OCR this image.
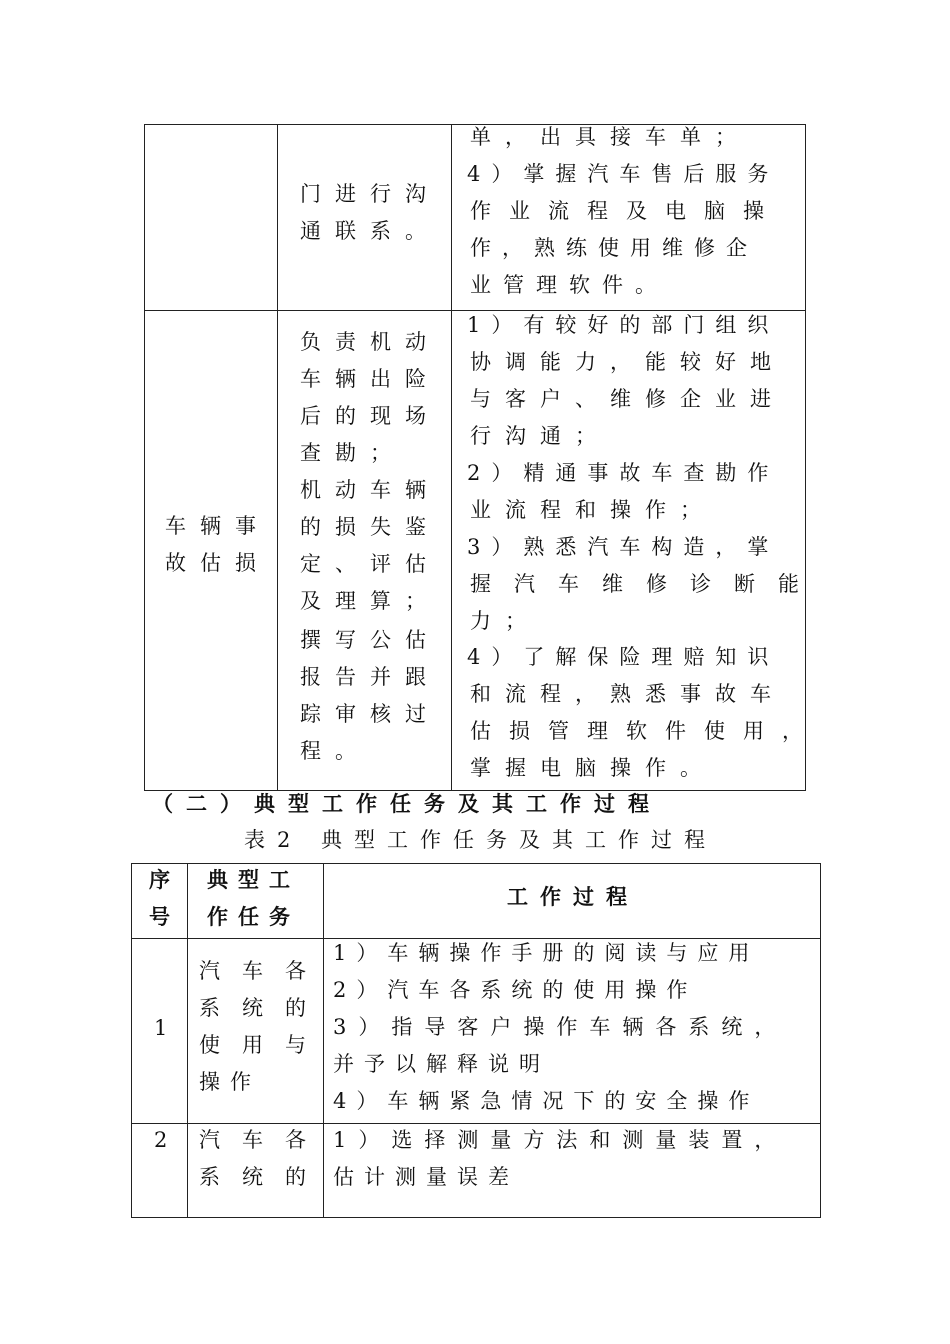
门进行沟
通联系。
单，出具接车单；
4）掌握汽车售后服务
作业流程及电脑操
作，熟练使用维修企
业管理软件。
车辆事
故估损
负责机动
车辆出险
后的现场
查勘；
机动车辆
的损失鉴
定、评估
及理算；
撰写公估
报告并跟
踪审核过
程。
1）有较好的部门组织
协调能力，能较好地
与客户、维修企业进
行沟通；
2）精通事故车查勘作
业流程和操作；
3）熟悉汽车构造，掌
握汽车维修诊断能
力；
4）了解保险理赔知识
和流程，熟悉事故车
估损管理软件使用，
掌握电脑操作。
（二）典型工作任务及其工作过程
表2 典型工作任务及其工作过程
序
号
典型工
作任务
工作过程
1
汽车各
系统的
使用与
操作
1）车辆操作手册的阅读与应用
2）汽车各系统的使用操作
3）指导客户操作车辆各系统，
并予以解释说明
4）车辆紧急情况下的安全操作
2 汽车各
系统的
1）选择测量方法和测量装置，
估计测量误差
